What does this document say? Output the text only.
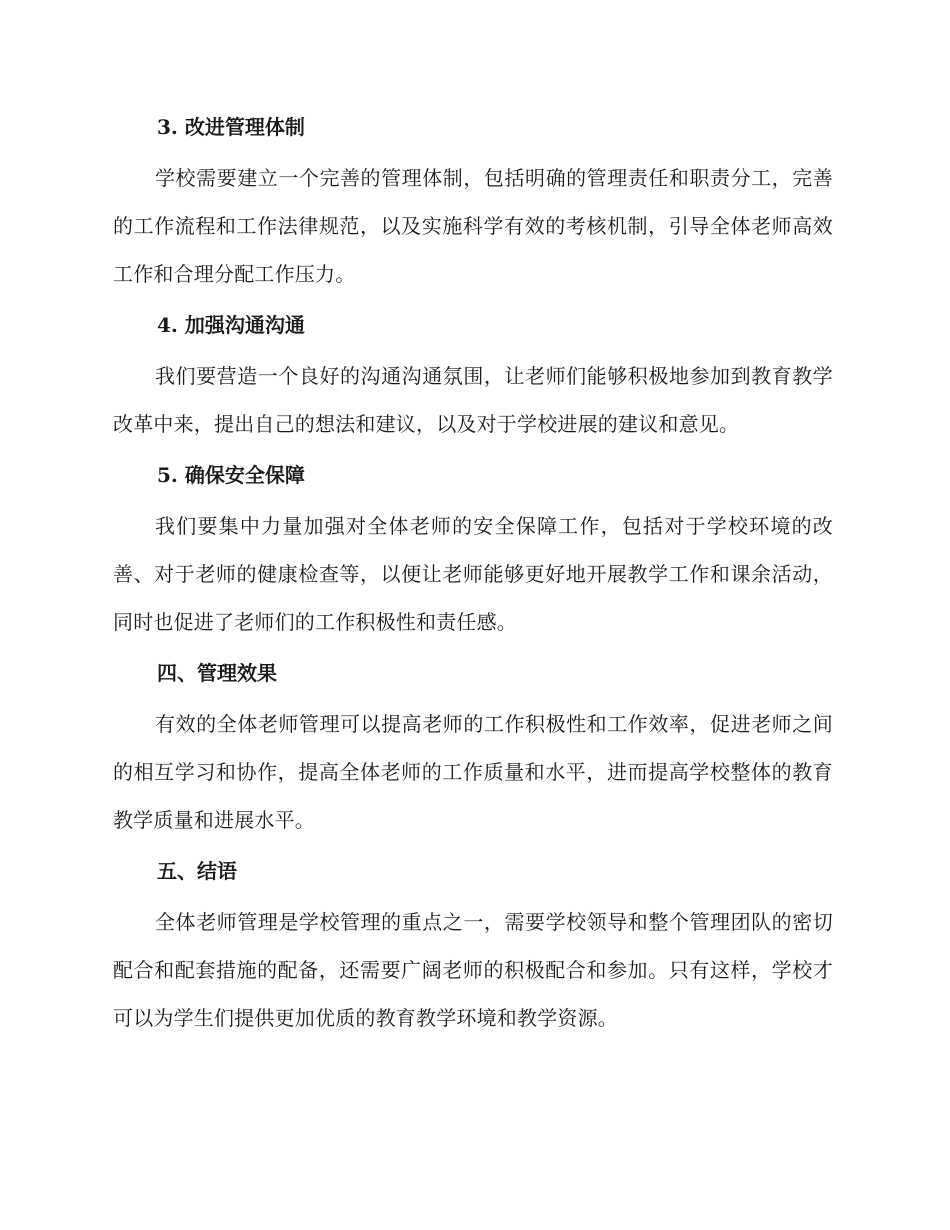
3. 改进管理体制

学校需要建立一个完善的管理体制，包括明确的管理责任和职责分工，完善的工作流程和工作法律规范，以及实施科学有效的考核机制，引导全体老师高效工作和合理分配工作压力。

4. 加强沟通沟通

我们要营造一个良好的沟通沟通氛围，让老师们能够积极地参加到教育教学改革中来，提出自己的想法和建议，以及对于学校进展的建议和意见。

5. 确保安全保障

我们要集中力量加强对全体老师的安全保障工作，包括对于学校环境的改善、对于老师的健康检查等，以便让老师能够更好地开展教学工作和课余活动，同时也促进了老师们的工作积极性和责任感。

四、管理效果

有效的全体老师管理可以提高老师的工作积极性和工作效率，促进老师之间的相互学习和协作，提高全体老师的工作质量和水平，进而提高学校整体的教育教学质量和进展水平。

五、结语

全体老师管理是学校管理的重点之一，需要学校领导和整个管理团队的密切配合和配套措施的配备，还需要广阔老师的积极配合和参加。只有这样，学校才可以为学生们提供更加优质的教育教学环境和教学资源。
